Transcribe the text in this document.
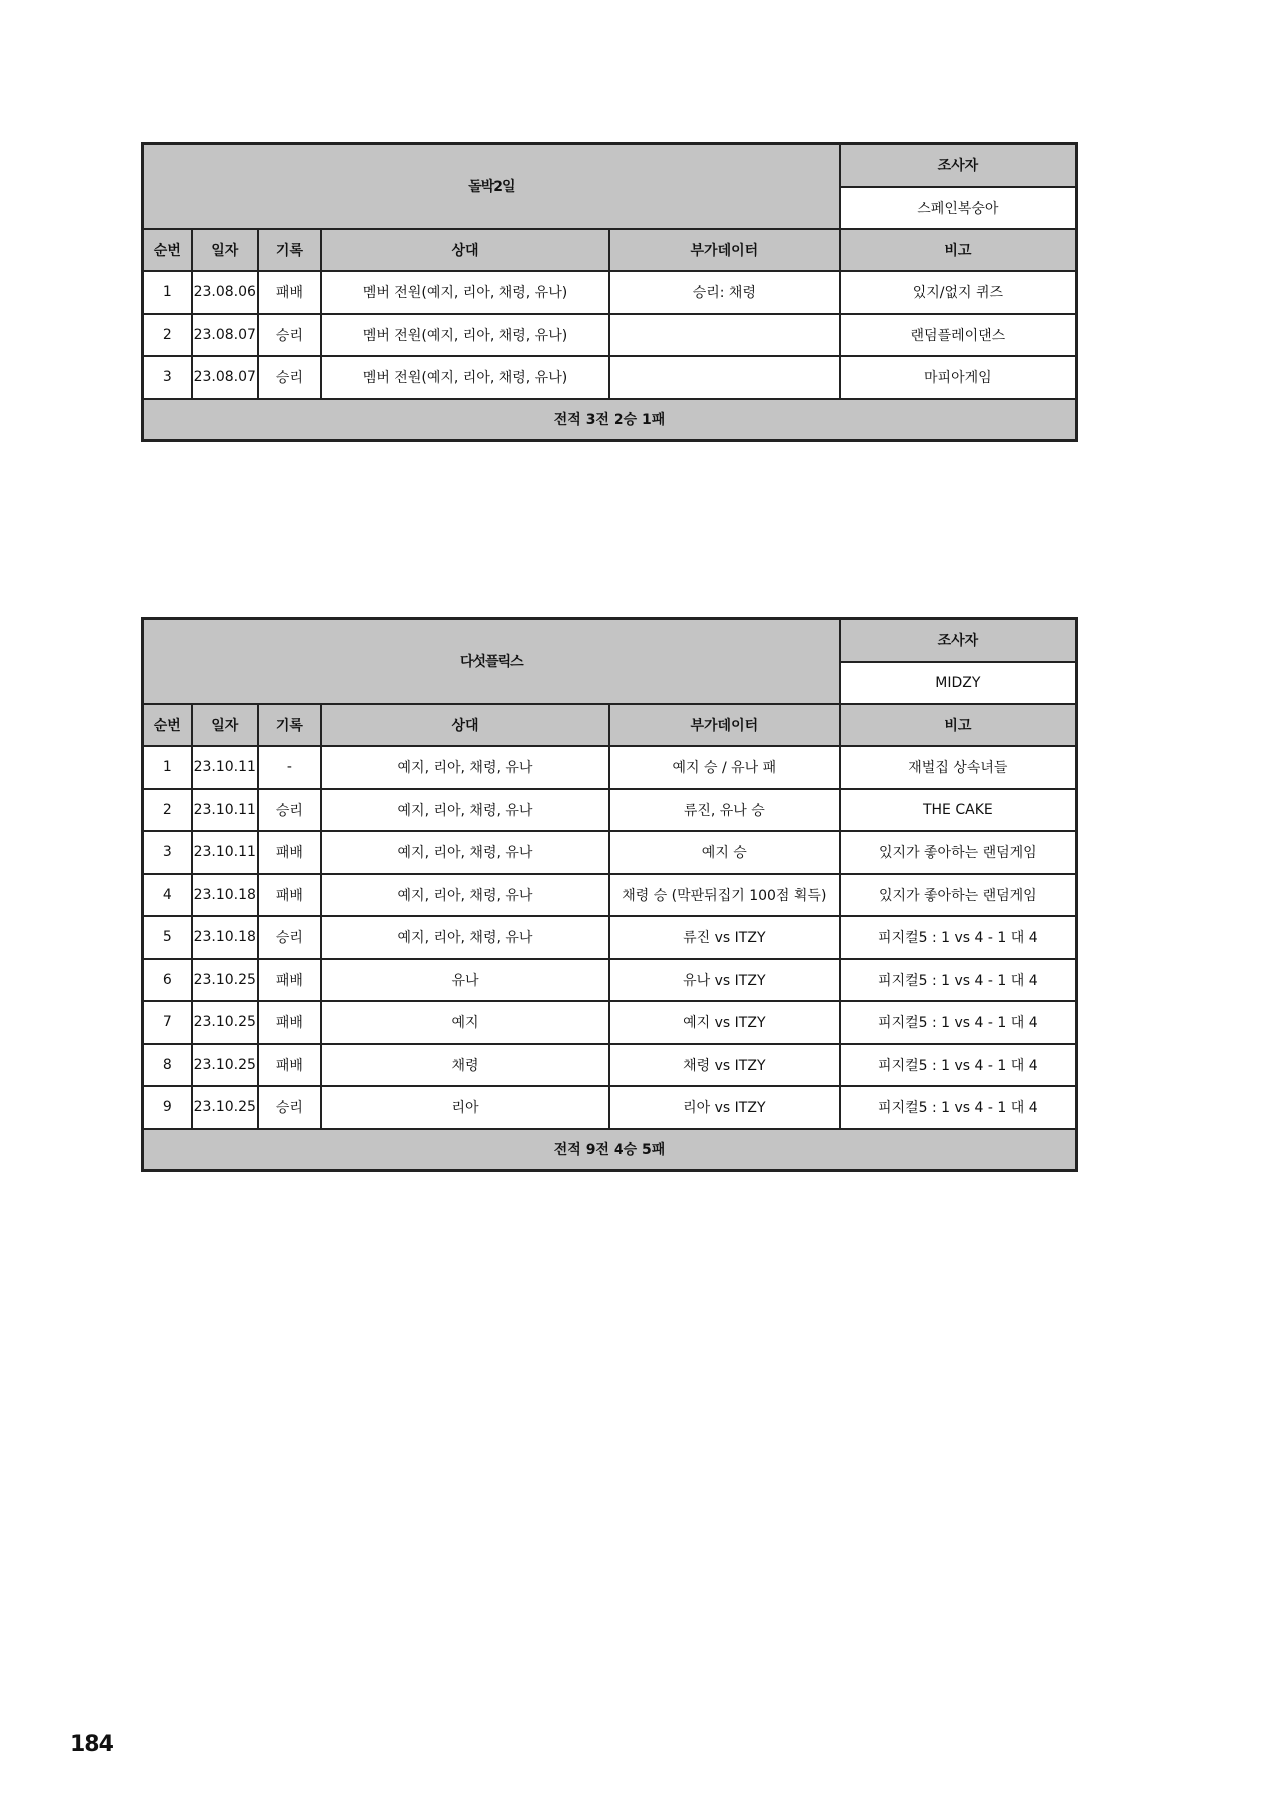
돌박2일					조사자
					스페인복숭아
순번	일자	기록	상대	부가데이터	비고
1	23.08.06	패배	멤버 전원(예지, 리아, 채령, 유나)	승리: 채령	있지/없지 퀴즈
2	23.08.07	승리	멤버 전원(예지, 리아, 채령, 유나)		랜덤플레이댄스
3	23.08.07	승리	멤버 전원(예지, 리아, 채령, 유나)		마피아게임
전적 3전 2승 1패					
다섯플릭스					조사자
					MIDZY
순번	일자	기록	상대	부가데이터	비고
1	23.10.11	-	예지, 리아, 채령, 유나	예지 승 / 유나 패	재벌집 상속녀들
2	23.10.11	승리	예지, 리아, 채령, 유나	류진, 유나 승	THE CAKE
3	23.10.11	패배	예지, 리아, 채령, 유나	예지 승	있지가 좋아하는 랜덤게임
4	23.10.18	패배	예지, 리아, 채령, 유나	채령 승 (막판뒤집기 100점 획득)	있지가 좋아하는 랜덤게임
5	23.10.18	승리	예지, 리아, 채령, 유나	류진 vs ITZY	피지컬5 : 1 vs 4 - 1 대 4
6	23.10.25	패배	유나	유나 vs ITZY	피지컬5 : 1 vs 4 - 1 대 4
7	23.10.25	패배	예지	예지 vs ITZY	피지컬5 : 1 vs 4 - 1 대 4
8	23.10.25	패배	채령	채령 vs ITZY	피지컬5 : 1 vs 4 - 1 대 4
9	23.10.25	승리	리아	리아 vs ITZY	피지컬5 : 1 vs 4 - 1 대 4
전적 9전 4승 5패					
184
